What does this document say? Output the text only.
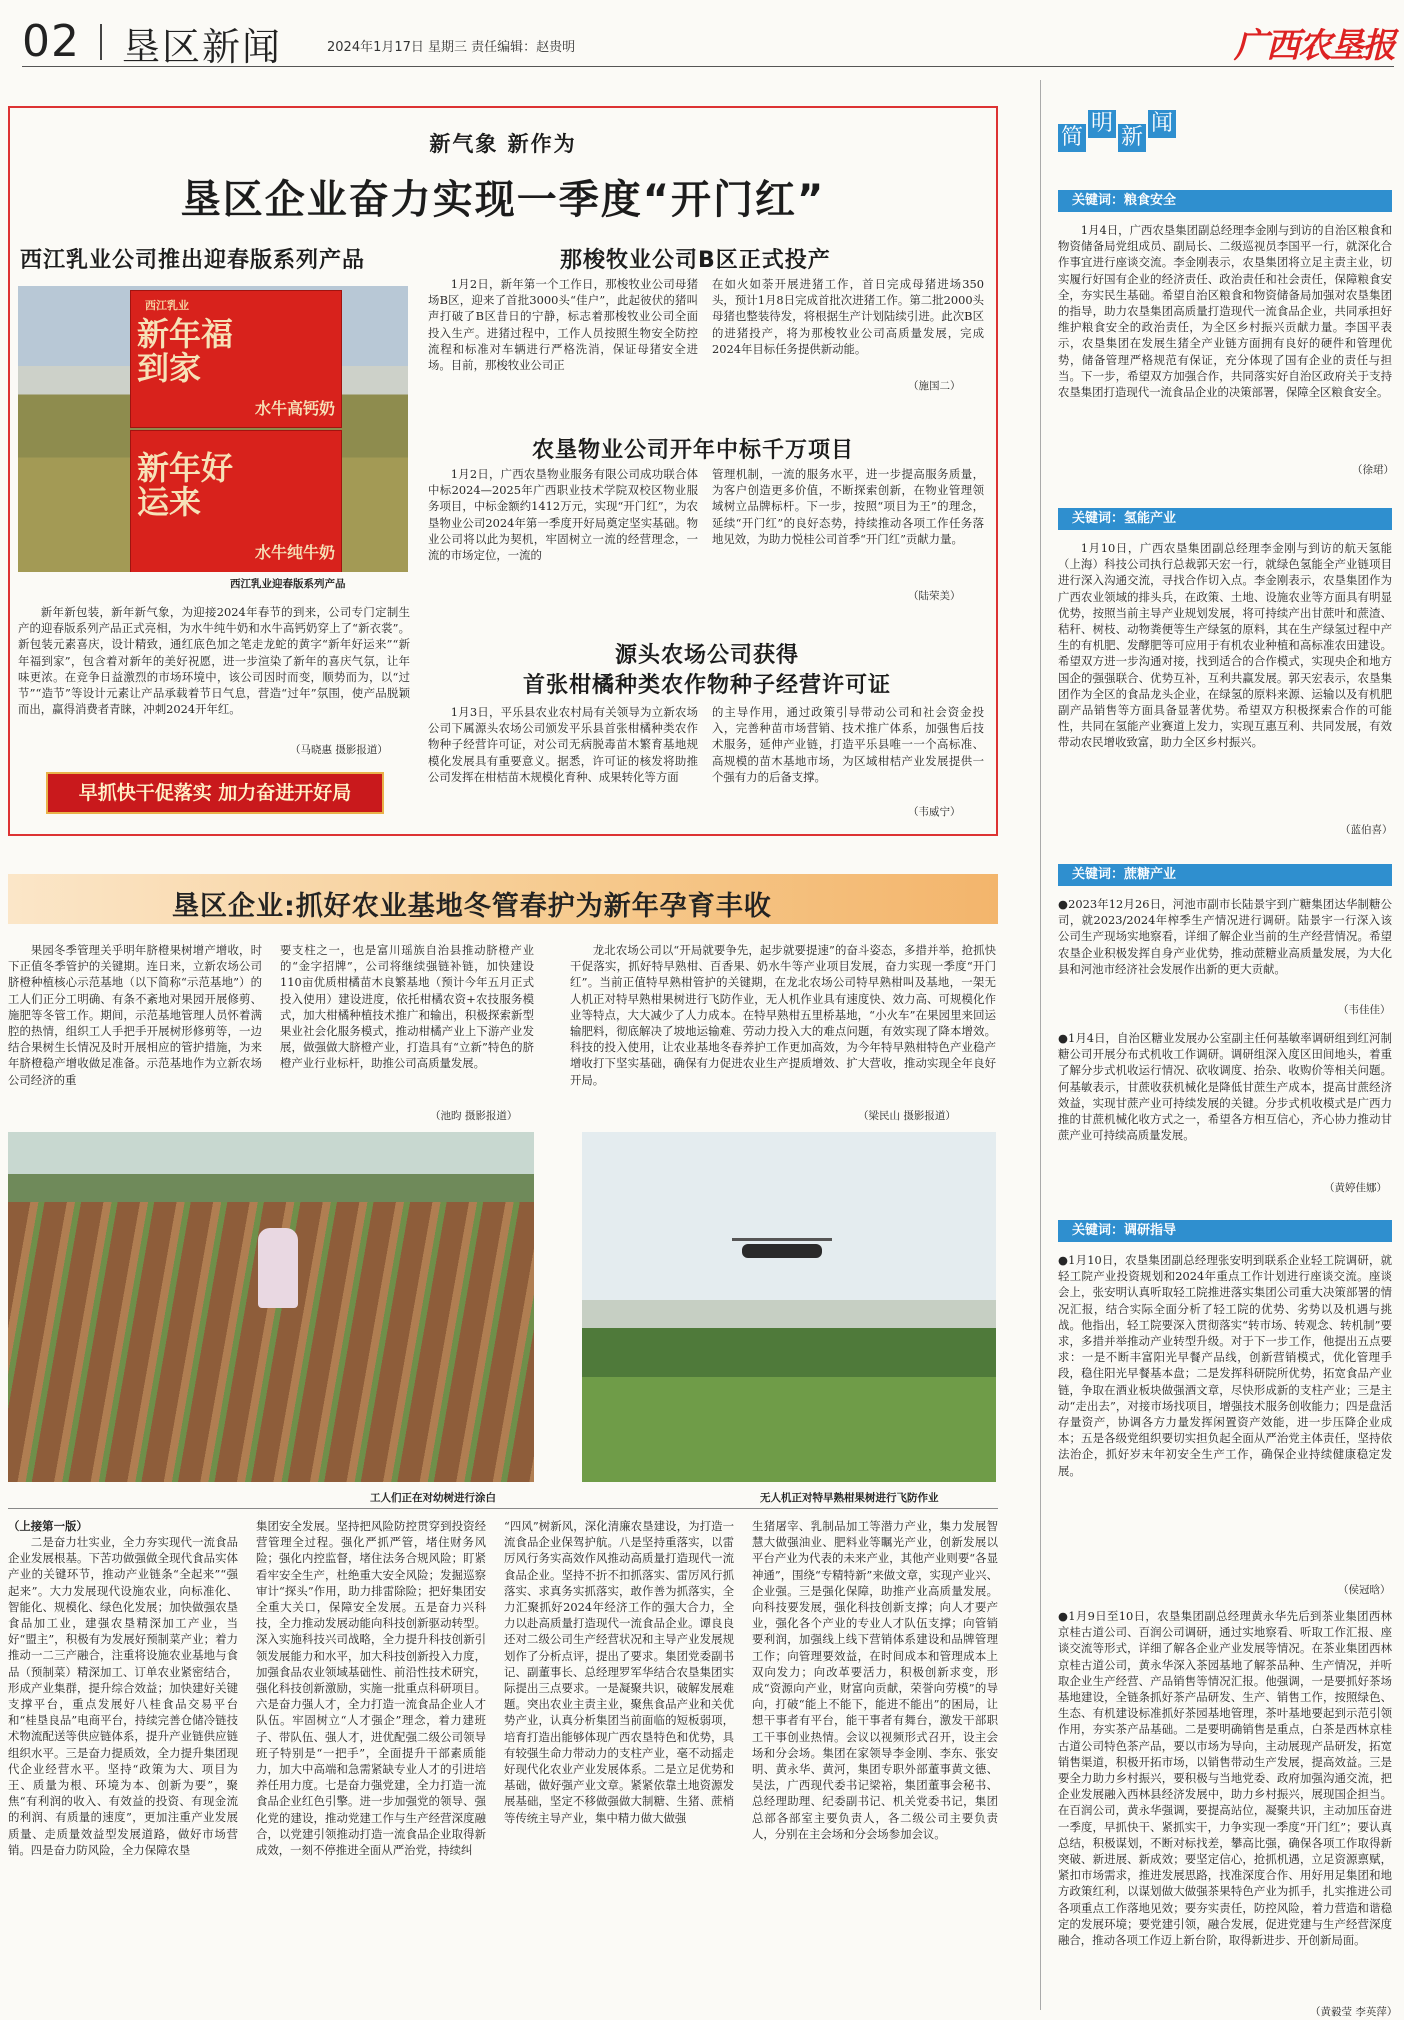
02 垦区新闻	2024年1月17日 星期三 责任编辑：赵贵明	广西农垦报
新气象 新作为
垦区企业奋力实现一季度“开门红”
西江乳业公司推出迎春版系列产品
西江乳业
新年福到家
水牛高钙奶
新年好运来
水牛纯牛奶
西江乳业迎春版系列产品
新年新包装，新年新气象，为迎接2024年春节的到来，公司专门定制生产的迎春版系列产品正式亮相，为水牛纯牛奶和水牛高钙奶穿上了“新衣裳”。新包装元素喜庆，设计精致，通红底色加之笔走龙蛇的黄字“新年好运来”“新年福到家”，包含着对新年的美好祝愿，进一步渲染了新年的喜庆气氛，让年味更浓。在竞争日益激烈的市场环境中，该公司因时而变，顺势而为，以“过节”“造节”等设计元素让产品承载着节日气息，营造“过年”氛围，使产品脱颖而出，赢得消费者青睐，冲刺2024开年红。
（马晓惠 摄影报道）
早抓快干促落实 加力奋进开好局
那梭牧业公司B区正式投产
1月2日，新年第一个工作日，那梭牧业公司母猪场B区，迎来了首批3000头“佳户”，此起彼伏的猪叫声打破了B区昔日的宁静，标志着那梭牧业公司全面投入生产。进猪过程中，工作人员按照生物安全防控流程和标准对车辆进行严格洗消，保证母猪安全进场。目前，那梭牧业公司正
在如火如荼开展进猪工作，首日完成母猪进场350头，预计1月8日完成首批次进猪工作。第二批2000头母猪也整装待发，将根据生产计划陆续引进。此次B区的进猪投产，将为那梭牧业公司高质量发展，完成2024年目标任务提供新动能。
（施国二）
农垦物业公司开年中标千万项目
1月2日，广西农垦物业服务有限公司成功联合体中标2024—2025年广西职业技术学院双校区物业服务项目，中标金额约1412万元，实现“开门红”，为农垦物业公司2024年第一季度开好局奠定坚实基础。物业公司将以此为契机，牢固树立一流的经营理念，一流的市场定位，一流的
管理机制，一流的服务水平，进一步提高服务质量，为客户创造更多价值，不断探索创新，在物业管理领域树立品牌标杆。下一步，按照“项目为王”的理念，延续“开门红”的良好态势，持续推动各项工作任务落地见效，为助力悦桂公司首季“开门红”贡献力量。
（陆荣美）
源头农场公司获得
首张柑橘种类农作物种子经营许可证
1月3日，平乐县农业农村局有关领导为立新农场公司下属源头农场公司颁发平乐县首张柑橘种类农作物种子经营许可证，对公司无病脱毒苗木繁育基地规模化发展具有重要意义。据悉，许可证的核发将助推公司发挥在柑桔苗木规模化育种、成果转化等方面
的主导作用，通过政策引导带动公司和社会资金投入，完善种苗市场营销、技术推广体系，加强售后技术服务，延伸产业链，打造平乐县唯一一个高标准、高规模的苗木基地市场，为区域柑桔产业发展提供一个强有力的后备支撑。
（韦威宁）
垦区企业:抓好农业基地冬管春护为新年孕育丰收
果园冬季管理关乎明年脐橙果树增产增收，时下正值冬季管护的关键期。连日来，立新农场公司脐橙种植核心示范基地（以下简称“示范基地”）的工人们正分工明确、有条不紊地对果园开展修剪、施肥等冬管工作。期间，示范基地管理人员怀着满腔的热情，组织工人手把手开展树形修剪等，一边结合果树生长情况及时开展相应的管护措施，为来年脐橙稳产增收做足准备。示范基地作为立新农场公司经济的重
要支柱之一，也是富川瑶族自治县推动脐橙产业的“金字招牌”，公司将继续强链补链，加快建设110亩优质柑橘苗木良繁基地（预计今年五月正式投入使用）建设进度，依托柑橘农资+农技服务模式，加大柑橘种植技术推广和输出，积极探索新型果业社会化服务模式，推动柑橘产业上下游产业发展，做强做大脐橙产业，打造具有“立新”特色的脐橙产业行业标杆，助推公司高质量发展。
（池昀 摄影报道）
龙北农场公司以“开局就要争先，起步就要提速”的奋斗姿态，多措并举，抢抓快干促落实，抓好特早熟柑、百香果、奶水牛等产业项目发展，奋力实现一季度“开门红”。当前正值特早熟柑管护的关键期，在龙北农场公司特早熟柑叫及基地，一架无人机正对特早熟柑果树进行飞防作业，无人机作业具有速度快、效力高、可规模化作业等特点，大大减少了人力成本。在特早熟柑五里桥基地，“小火车”在果园里来回运输肥料，彻底解决了坡地运输难、劳动力投入大的难点问题，有效实现了降本增效。科技的投入使用，让农业基地冬春养护工作更加高效，为今年特早熟柑特色产业稳产增收打下坚实基础，确保有力促进农业生产提质增效、扩大营收，推动实现全年良好开局。
（梁民山 摄影报道）
工人们正在对幼树进行涂白	无人机正对特早熟柑果树进行飞防作业
（上接第一版）
二是奋力壮实业，全力夯实现代一流食品企业发展根基。下苦功做强做全现代食品实体产业的关键环节，推动产业链条“全起来”“强起来”。大力发展现代设施农业，向标准化、智能化、规模化、绿色化发展；加快做强农垦食品加工业，建强农垦精深加工产业，当好“盟主”，积极有为发展好预制菜产业；着力推动一二三产融合，注重将设施农业基地与食品（预制菜）精深加工、订单农业紧密结合，形成产业集群，提升综合效益；加快建好关键支撑平台，重点发展好八桂食品交易平台和“桂垦良品”电商平台，持续完善仓储冷链技术物流配送等供应链体系，提升产业链供应链组织水平。三是奋力提质效，全力提升集团现代企业经营水平。坚持“政策为大、项目为王、质量为根、环境为本、创新为要”，聚焦“有利润的收入、有效益的投资、有现金流的利润、有质量的速度”，更加注重产业发展质量、走质量效益型发展道路，做好市场营销。四是奋力防风险，全力保障农垦
集团安全发展。坚持把风险防控贯穿到投资经营管理全过程。强化严抓严管，堵住财务风险；强化内控监督，堵住法务合规风险；盯紧看牢安全生产，杜绝重大安全风险；发掘巡察审计“探头”作用，助力排雷除险；把好集团安全重大关口，保障安全发展。五是奋力兴科技，全力推动发展动能向科技创新驱动转型。深入实施科技兴司战略，全力提升科技创新引领发展能力和水平，加大科技创新投入力度，加强食品农业领域基础性、前沿性技术研究，强化科技创新激励，实施一批重点科研项目。六是奋力强人才，全力打造一流食品企业人才队伍。牢固树立“人才强企”理念，着力建班子、带队伍、强人才，进优配强二级公司领导班子特别是“一把手”，全面提升干部素质能力，加大中高端和急需紧缺专业人才的引进培养任用力度。七是奋力强党建，全力打造一流食品企业红色引擎。进一步加强党的领导、强化党的建设，推动党建工作与生产经营深度融合，以党建引领推动打造一流食品企业取得新成效，一刻不停推进全面从严治党，持续纠
“四风”树新风，深化清廉农垦建设，为打造一流食品企业保驾护航。八是坚持重落实，以雷厉风行务实高效作风推动高质量打造现代一流食品企业。坚持不折不扣抓落实、雷厉风行抓落实、求真务实抓落实，敢作善为抓落实，全力汇聚抓好2024年经济工作的强大合力，全力以赴高质量打造现代一流食品企业。谭良良还对二级公司生产经营状况和主导产业发展规划作了分析点评，提出了要求。集团党委副书记、副董事长、总经理罗军华结合农垦集团实际提出三点要求。一是凝聚共识，破解发展难题。突出农业主责主业，聚焦食品产业和关优势产业，认真分析集团当前面临的短板弱项，培育打造出能够体现广西农垦特色和优势，具有较强生命力带动力的支柱产业，毫不动摇走好现代化农业产业发展体系。二是立足优势和基础，做好强产业文章。紧紧依靠土地资源发展基础，坚定不移做强做大制糖、生猪、蔗梢等传统主导产业，集中精力做大做强
生猪屠宰、乳制品加工等潜力产业，集力发展智慧大做强油业、肥料业等瞩光产业，创新发展以平台产业为代表的未来产业，其他产业则要“各显神通”，围绕“专精特新”来做文章，实现产业兴、企业强。三是强化保障，助推产业高质量发展。向科技要发展，强化科技创新支撑；向人才要产业，强化各个产业的专业人才队伍支撑；向管销要利润，加强线上线下营销体系建设和品牌管理工作；向管理要效益，在时间成本和管理成本上双向发力；向改革要活力，积极创新求变，形成“资源向产业，财富向贡献，荣誉向劳模”的导向，打破“能上不能下，能进不能出”的困局，让想干事者有平台，能干事者有舞台，激发干部职工干事创业热情。会议以视频形式召开，设主会场和分会场。集团在家领导李金刚、李东、张安明、黄永华、黄河，集团专职外部董事黄文德、吴法，广西现代委书记梁裕，集团董事会秘书、总经理助理、纪委副书记、机关党委书记，集团总部各部室主要负责人，各二级公司主要负责人，分别在主会场和分会场参加会议。
简
明
新
闻
关键词：粮食安全
1月4日，广西农垦集团副总经理李金刚与到访的自治区粮食和物资储备局党组成员、副局长、二级巡视员李国平一行，就深化合作事宜进行座谈交流。李金刚表示，农垦集团将立足主责主业，切实履行好国有企业的经济责任、政治责任和社会责任，保障粮食安全，夯实民生基础。希望自治区粮食和物资储备局加强对农垦集团的指导，助力农垦集团高质量打造现代一流食品企业，共同承担好维护粮食安全的政治责任，为全区乡村振兴贡献力量。李国平表示，农垦集团在发展生猪全产业链方面拥有良好的硬件和管理优势，储备管理严格规范有保证，充分体现了国有企业的责任与担当。下一步，希望双方加强合作，共同落实好自治区政府关于支持农垦集团打造现代一流食品企业的决策部署，保障全区粮食安全。
（徐珺）
关键词：氢能产业
1月10日，广西农垦集团副总经理李金刚与到访的航天氢能（上海）科技公司执行总裁郭天宏一行，就绿色氢能全产业链项目进行深入沟通交流，寻找合作切入点。李金刚表示，农垦集团作为广西农业领域的排头兵，在政策、土地、设施农业等方面具有明显优势，按照当前主导产业规划发展，将可持续产出甘蔗叶和蔗渣、秸秆、树枝、动物粪便等生产绿氢的原料，其在生产绿氢过程中产生的有机肥、发酵肥等可应用于有机农业种植和高标准农田建设。希望双方进一步沟通对接，找到适合的合作模式，实现央企和地方国企的强强联合、优势互补，互利共赢发展。郭天宏表示，农垦集团作为全区的食品龙头企业，在绿氢的原料来源、运输以及有机肥副产品销售等方面具备显著优势。希望双方积极探索合作的可能性，共同在氢能产业赛道上发力，实现互惠互利、共同发展，有效带动农民增收致富，助力全区乡村振兴。
（蓝伯喜）
关键词：蔗糖产业
●2023年12月26日，河池市副市长陆景宇到广糖集团达华制糖公司，就2023/2024年榨季生产情况进行调研。陆景宇一行深入该公司生产现场实地察看，详细了解企业当前的生产经营情况。希望农垦企业积极发挥自身产业优势，推动蔗糖业高质量发展，为大化县和河池市经济社会发展作出新的更大贡献。
（韦佳佳）
●1月4日，自治区糖业发展办公室副主任何基敏率调研组到红河制糖公司开展分布式机收工作调研。调研组深入度区田间地头，着重了解分步式机收运行情况、砍收调度、抬杂、收购价等相关问题。何基敏表示，甘蔗收获机械化是降低甘蔗生产成本，提高甘蔗经济效益，实现甘蔗产业可持续发展的关键。分步式机收模式是广西力推的甘蔗机械化收方式之一，希望各方相互信心，齐心协力推动甘蔗产业可持续高质量发展。
（黄婷佳娜）
关键词：调研指导
●1月10日，农垦集团副总经理张安明到联系企业轻工院调研，就轻工院产业投资规划和2024年重点工作计划进行座谈交流。座谈会上，张安明认真听取轻工院推进落实集团公司重大决策部署的情况汇报，结合实际全面分析了轻工院的优势、劣势以及机遇与挑战。他指出，轻工院要深入贯彻落实“转市场、转观念、转机制”要求，多措并举推动产业转型升级。对于下一步工作，他提出五点要求：一是不断丰富阳光早餐产品线，创新营销模式，优化管理手段，稳住阳光早餐基本盘；二是发挥科研院所优势，拓宽食品产业链，争取在酒业板块做强酒文章，尽快形成新的支柱产业；三是主动“走出去”，对接市场找项目，增强技术服务创收能力；四是盘活存量资产，协调各方力量发挥闲置资产效能，进一步压降企业成本；五是各级党组织要切实担负起全面从严治党主体责任，坚持依法治企，抓好岁末年初安全生产工作，确保企业持续健康稳定发展。
（侯冠晗）
●1月9日至10日，农垦集团副总经理黄永华先后到茶业集团西林京桂古道公司、百润公司调研，通过实地察看、听取工作汇报、座谈交流等形式，详细了解各企业产业发展等情况。在茶业集团西林京桂古道公司，黄永华深入茶园基地了解茶品种、生产情况，并听取企业生产经营、产品销售等情况汇报。他强调，一是要抓好茶场基地建设，全链条抓好茶产品研发、生产、销售工作，按照绿色、生态、有机建设标准抓好茶园基地管理，茶叶基地要起到示范引领作用，夯实茶产品基础。二是要明确销售是重点，白茶是西林京桂古道公司特色茶产品，要以市场为导向，主动展现产品研发，拓宽销售渠道，积极开拓市场，以销售带动生产发展，提高效益。三是要全力助力乡村振兴，要积极与当地党委、政府加强沟通交流，把企业发展融入西林县经济发展中，助力乡村振兴，展现国企担当。在百润公司，黄永华强调，要提高站位，凝聚共识，主动加压奋进一季度，早抓快干、紧抓实干，力争实现一季度“开门红”；要认真总结，积极谋划，不断对标找差，攀高比强，确保各项工作取得新突破、新进展、新成效；要坚定信心，抢抓机遇，立足资源禀赋，紧扣市场需求，推进发展思路，找准深度合作、用好用足集团和地方政策红利，以谋划做大做强茶果特色产业为抓手，扎实推进公司各项重点工作落地见效；要夯实责任，防控风险，着力营造和谐稳定的发展环境；要党建引领，融合发展，促进党建与生产经营深度融合，推动各项工作迈上新台阶，取得新进步、开创新局面。
（黄毅莹 李英萍）
